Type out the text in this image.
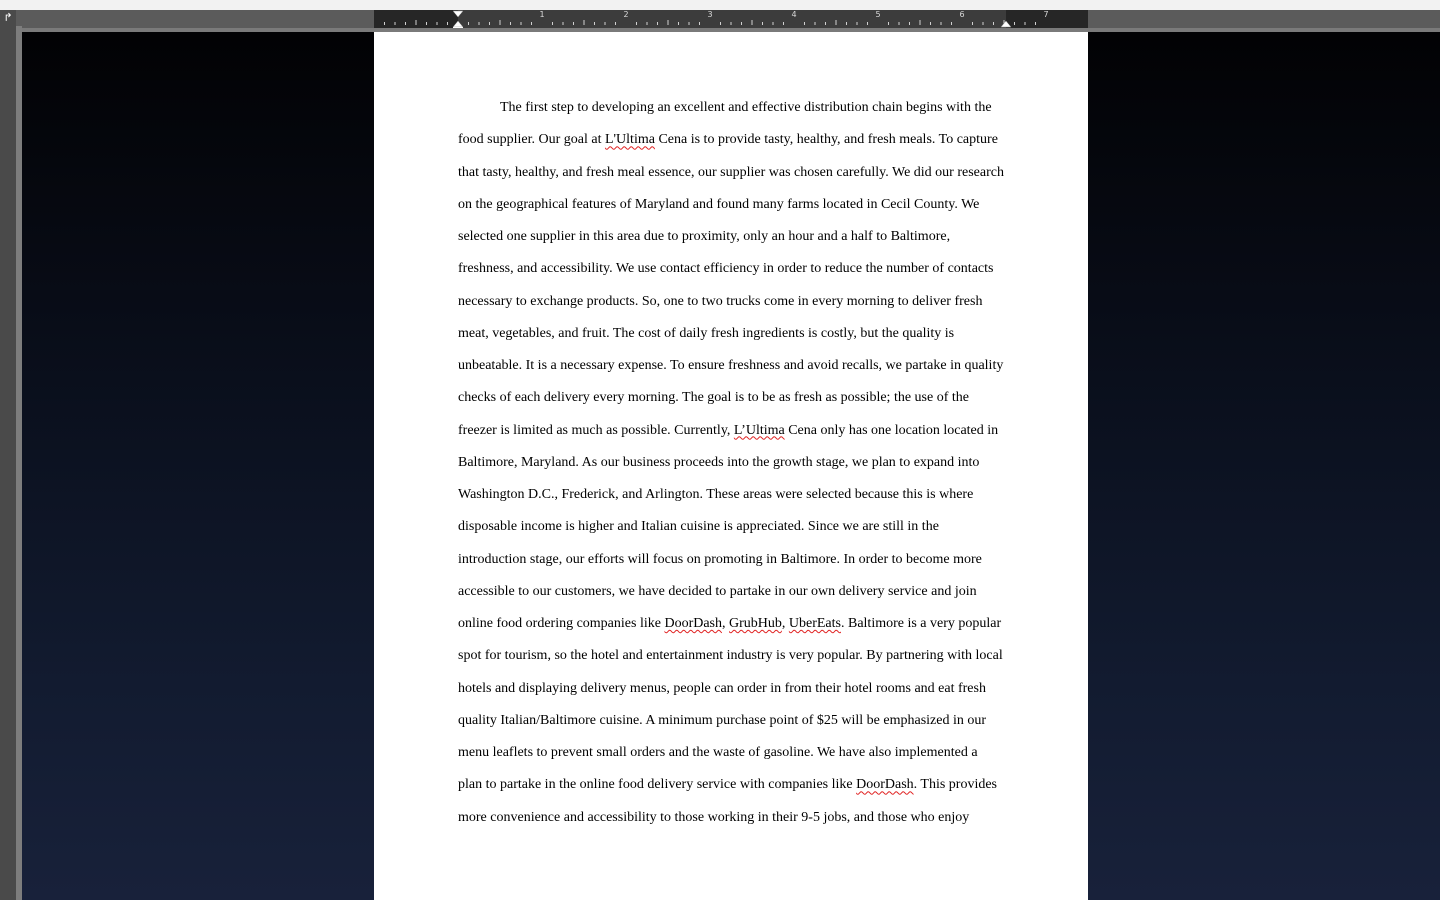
↱	1	2	3	4	5	6	7

The first step to developing an excellent and effective distribution chain begins with the food supplier. Our goal at L'Ultima Cena is to provide tasty, healthy, and fresh meals. To capture that tasty, healthy, and fresh meal essence, our supplier was chosen carefully. We did our research on the geographical features of Maryland and found many farms located in Cecil County. We selected one supplier in this area due to proximity, only an hour and a half to Baltimore, freshness, and accessibility. We use contact efficiency in order to reduce the number of contacts necessary to exchange products. So, one to two trucks come in every morning to deliver fresh meat, vegetables, and fruit. The cost of daily fresh ingredients is costly, but the quality is unbeatable. It is a necessary expense. To ensure freshness and avoid recalls, we partake in quality checks of each delivery every morning. The goal is to be as fresh as possible; the use of the freezer is limited as much as possible. Currently, L’Ultima Cena only has one location located in Baltimore, Maryland. As our business proceeds into the growth stage, we plan to expand into Washington D.C., Frederick, and Arlington. These areas were selected because this is where disposable income is higher and Italian cuisine is appreciated. Since we are still in the introduction stage, our efforts will focus on promoting in Baltimore. In order to become more accessible to our customers, we have decided to partake in our own delivery service and join online food ordering companies like DoorDash, GrubHub, UberEats. Baltimore is a very popular spot for tourism, so the hotel and entertainment industry is very popular. By partnering with local hotels and displaying delivery menus, people can order in from their hotel rooms and eat fresh quality Italian/Baltimore cuisine. A minimum purchase point of $25 will be emphasized in our menu leaflets to prevent small orders and the waste of gasoline. We have also implemented a plan to partake in the online food delivery service with companies like DoorDash. This provides more convenience and accessibility to those working in their 9-5 jobs, and those who enjoy
